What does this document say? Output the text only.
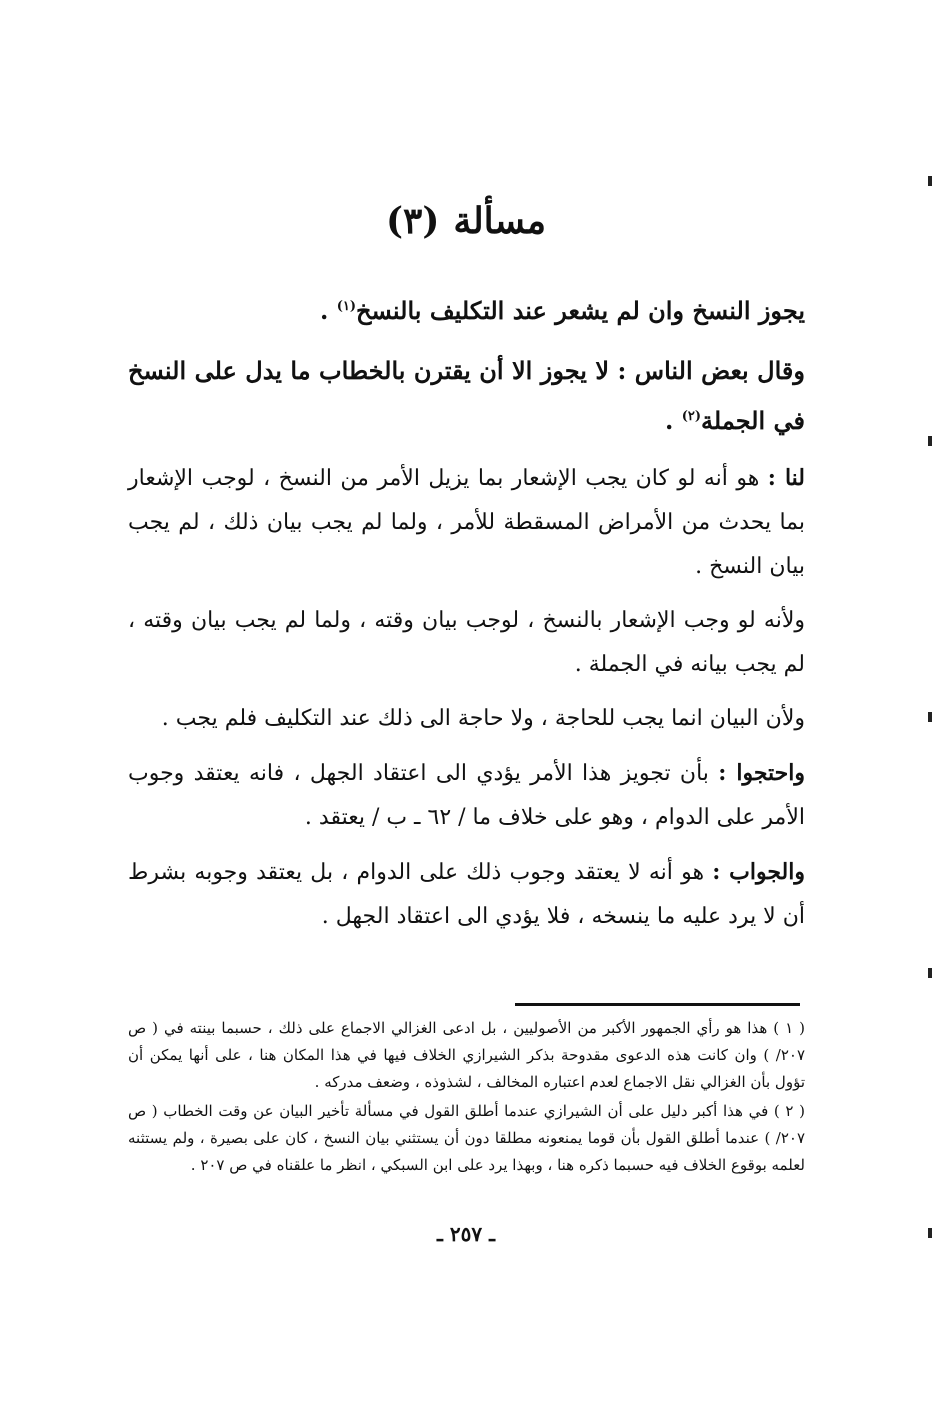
مسألة(٣)

يجوز النسخ وان لم يشعر عند التكليف بالنسخ$^{(١)}$ .

وقال بعض الناس : لا يجوز الا أن يقترن بالخطاب ما يدل على النسخ في الجملة$^{(٢)}$ .

لنا : هو أنه لو كان يجب الإشعار بما يزيل الأمر من النسخ ، لوجب الإشعار بما يحدث من الأمراض المسقطة للأمر ، ولما لم يجب بيان ذلك ، لم يجب بيان النسخ .

ولأنه لو وجب الإشعار بالنسخ ، لوجب بيان وقته ، ولما لم يجب بيان وقته ، لم يجب بيانه في الجملة .

ولأن البيان انما يجب للحاجة ، ولا حاجة الى ذلك عند التكليف فلم يجب .

واحتجوا : بأن تجويز هذا الأمر يؤدي الى اعتقاد الجهل ، فانه يعتقد وجوب الأمر على الدوام ، وهو على خلاف ما / ٦٢ ـ ب / يعتقد .

والجواب : هو أنه لا يعتقد وجوب ذلك على الدوام ، بل يعتقد وجوبه بشرط أن لا يرد عليه ما ينسخه ، فلا يؤدي الى اعتقاد الجهل .

( ١ ) هذا هو رأي الجمهور الأكبر من الأصوليين ، بل ادعى الغزالي الاجماع على ذلك ، حسبما بينته في ( ص ٢٠٧/ ) وان كانت هذه الدعوى مقدوحة بذكر الشيرازي الخلاف فيها في هذا المكان هنا ، على أنها يمكن أن تؤول بأن الغزالي نقل الاجماع لعدم اعتباره المخالف ، لشذوذه ، وضعف مدركه .

( ٢ ) في هذا أكبر دليل على أن الشيرازي عندما أطلق القول في مسألة تأخير البيان عن وقت الخطاب ( ص ٢٠٧/ ) عندما أطلق القول بأن قوما يمنعونه مطلقا دون أن يستثني بيان النسخ ، كان على بصيرة ، ولم يستثنه لعلمه بوقوع الخلاف فيه حسبما ذكره هنا ، وبهذا يرد على ابن السبكي ، انظر ما علقناه في ص ٢٠٧ .

ـ ٢٥٧ ـ
